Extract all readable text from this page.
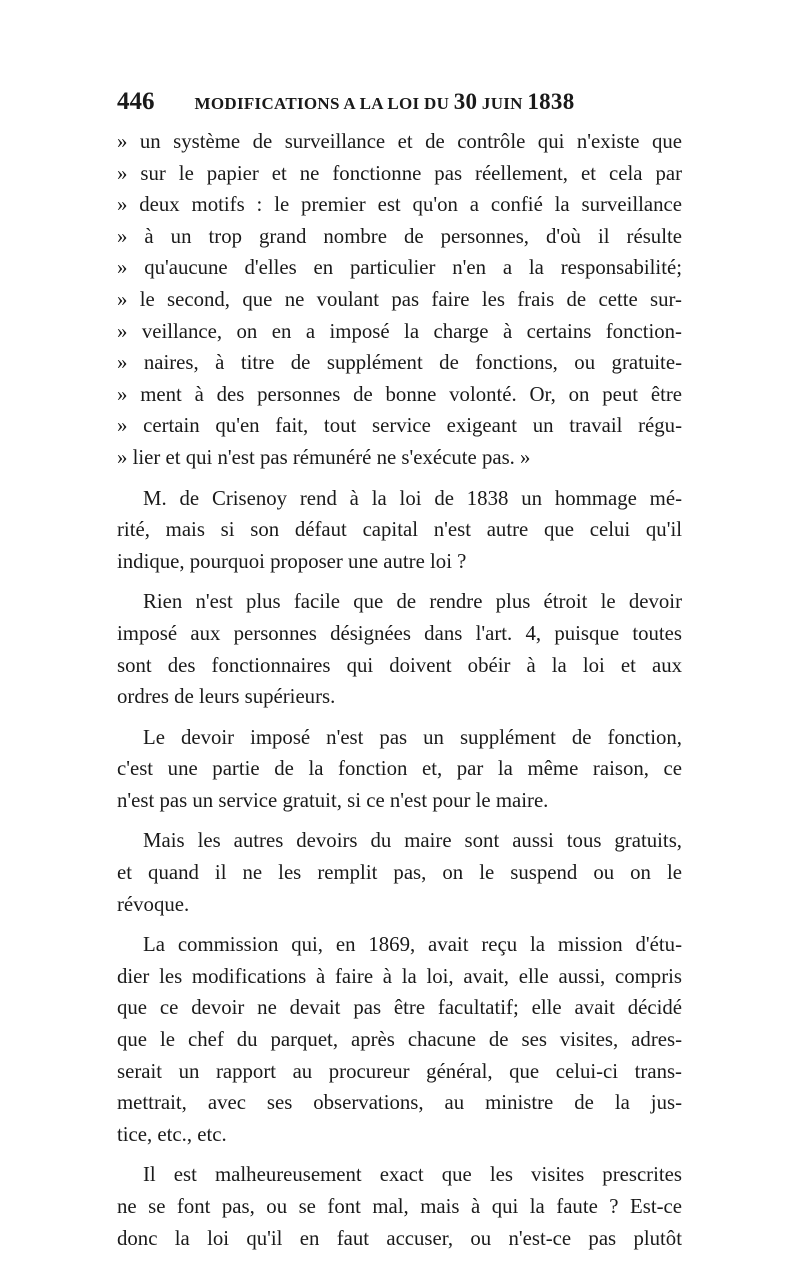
446 MODIFICATIONS A LA LOI DU 30 JUIN 1838
» un système de surveillance et de contrôle qui n'existe que
» sur le papier et ne fonctionne pas réellement, et cela par
» deux motifs : le premier est qu'on a confié la surveillance
» à un trop grand nombre de personnes, d'où il résulte
» qu'aucune d'elles en particulier n'en a la responsabilité;
» le second, que ne voulant pas faire les frais de cette sur-
» veillance, on en a imposé la charge à certains fonction-
» naires, à titre de supplément de fonctions, ou gratuite-
» ment à des personnes de bonne volonté. Or, on peut être
» certain qu'en fait, tout service exigeant un travail régu-
» lier et qui n'est pas rémunéré ne s'exécute pas. »
M. de Crisenoy rend à la loi de 1838 un hommage mé-
rité, mais si son défaut capital n'est autre que celui qu'il
indique, pourquoi proposer une autre loi ?
Rien n'est plus facile que de rendre plus étroit le devoir
imposé aux personnes désignées dans l'art. 4, puisque toutes
sont des fonctionnaires qui doivent obéir à la loi et aux
ordres de leurs supérieurs.
Le devoir imposé n'est pas un supplément de fonction,
c'est une partie de la fonction et, par la même raison, ce
n'est pas un service gratuit, si ce n'est pour le maire.
Mais les autres devoirs du maire sont aussi tous gratuits,
et quand il ne les remplit pas, on le suspend ou on le
révoque.
La commission qui, en 1869, avait reçu la mission d'étu-
dier les modifications à faire à la loi, avait, elle aussi, compris
que ce devoir ne devait pas être facultatif; elle avait décidé
que le chef du parquet, après chacune de ses visites, adres-
serait un rapport au procureur général, que celui-ci trans-
mettrait, avec ses observations, au ministre de la jus-
tice, etc., etc.
Il est malheureusement exact que les visites prescrites
ne se font pas, ou se font mal, mais à qui la faute ? Est-ce
donc la loi qu'il en faut accuser, ou n'est-ce pas plutôt
